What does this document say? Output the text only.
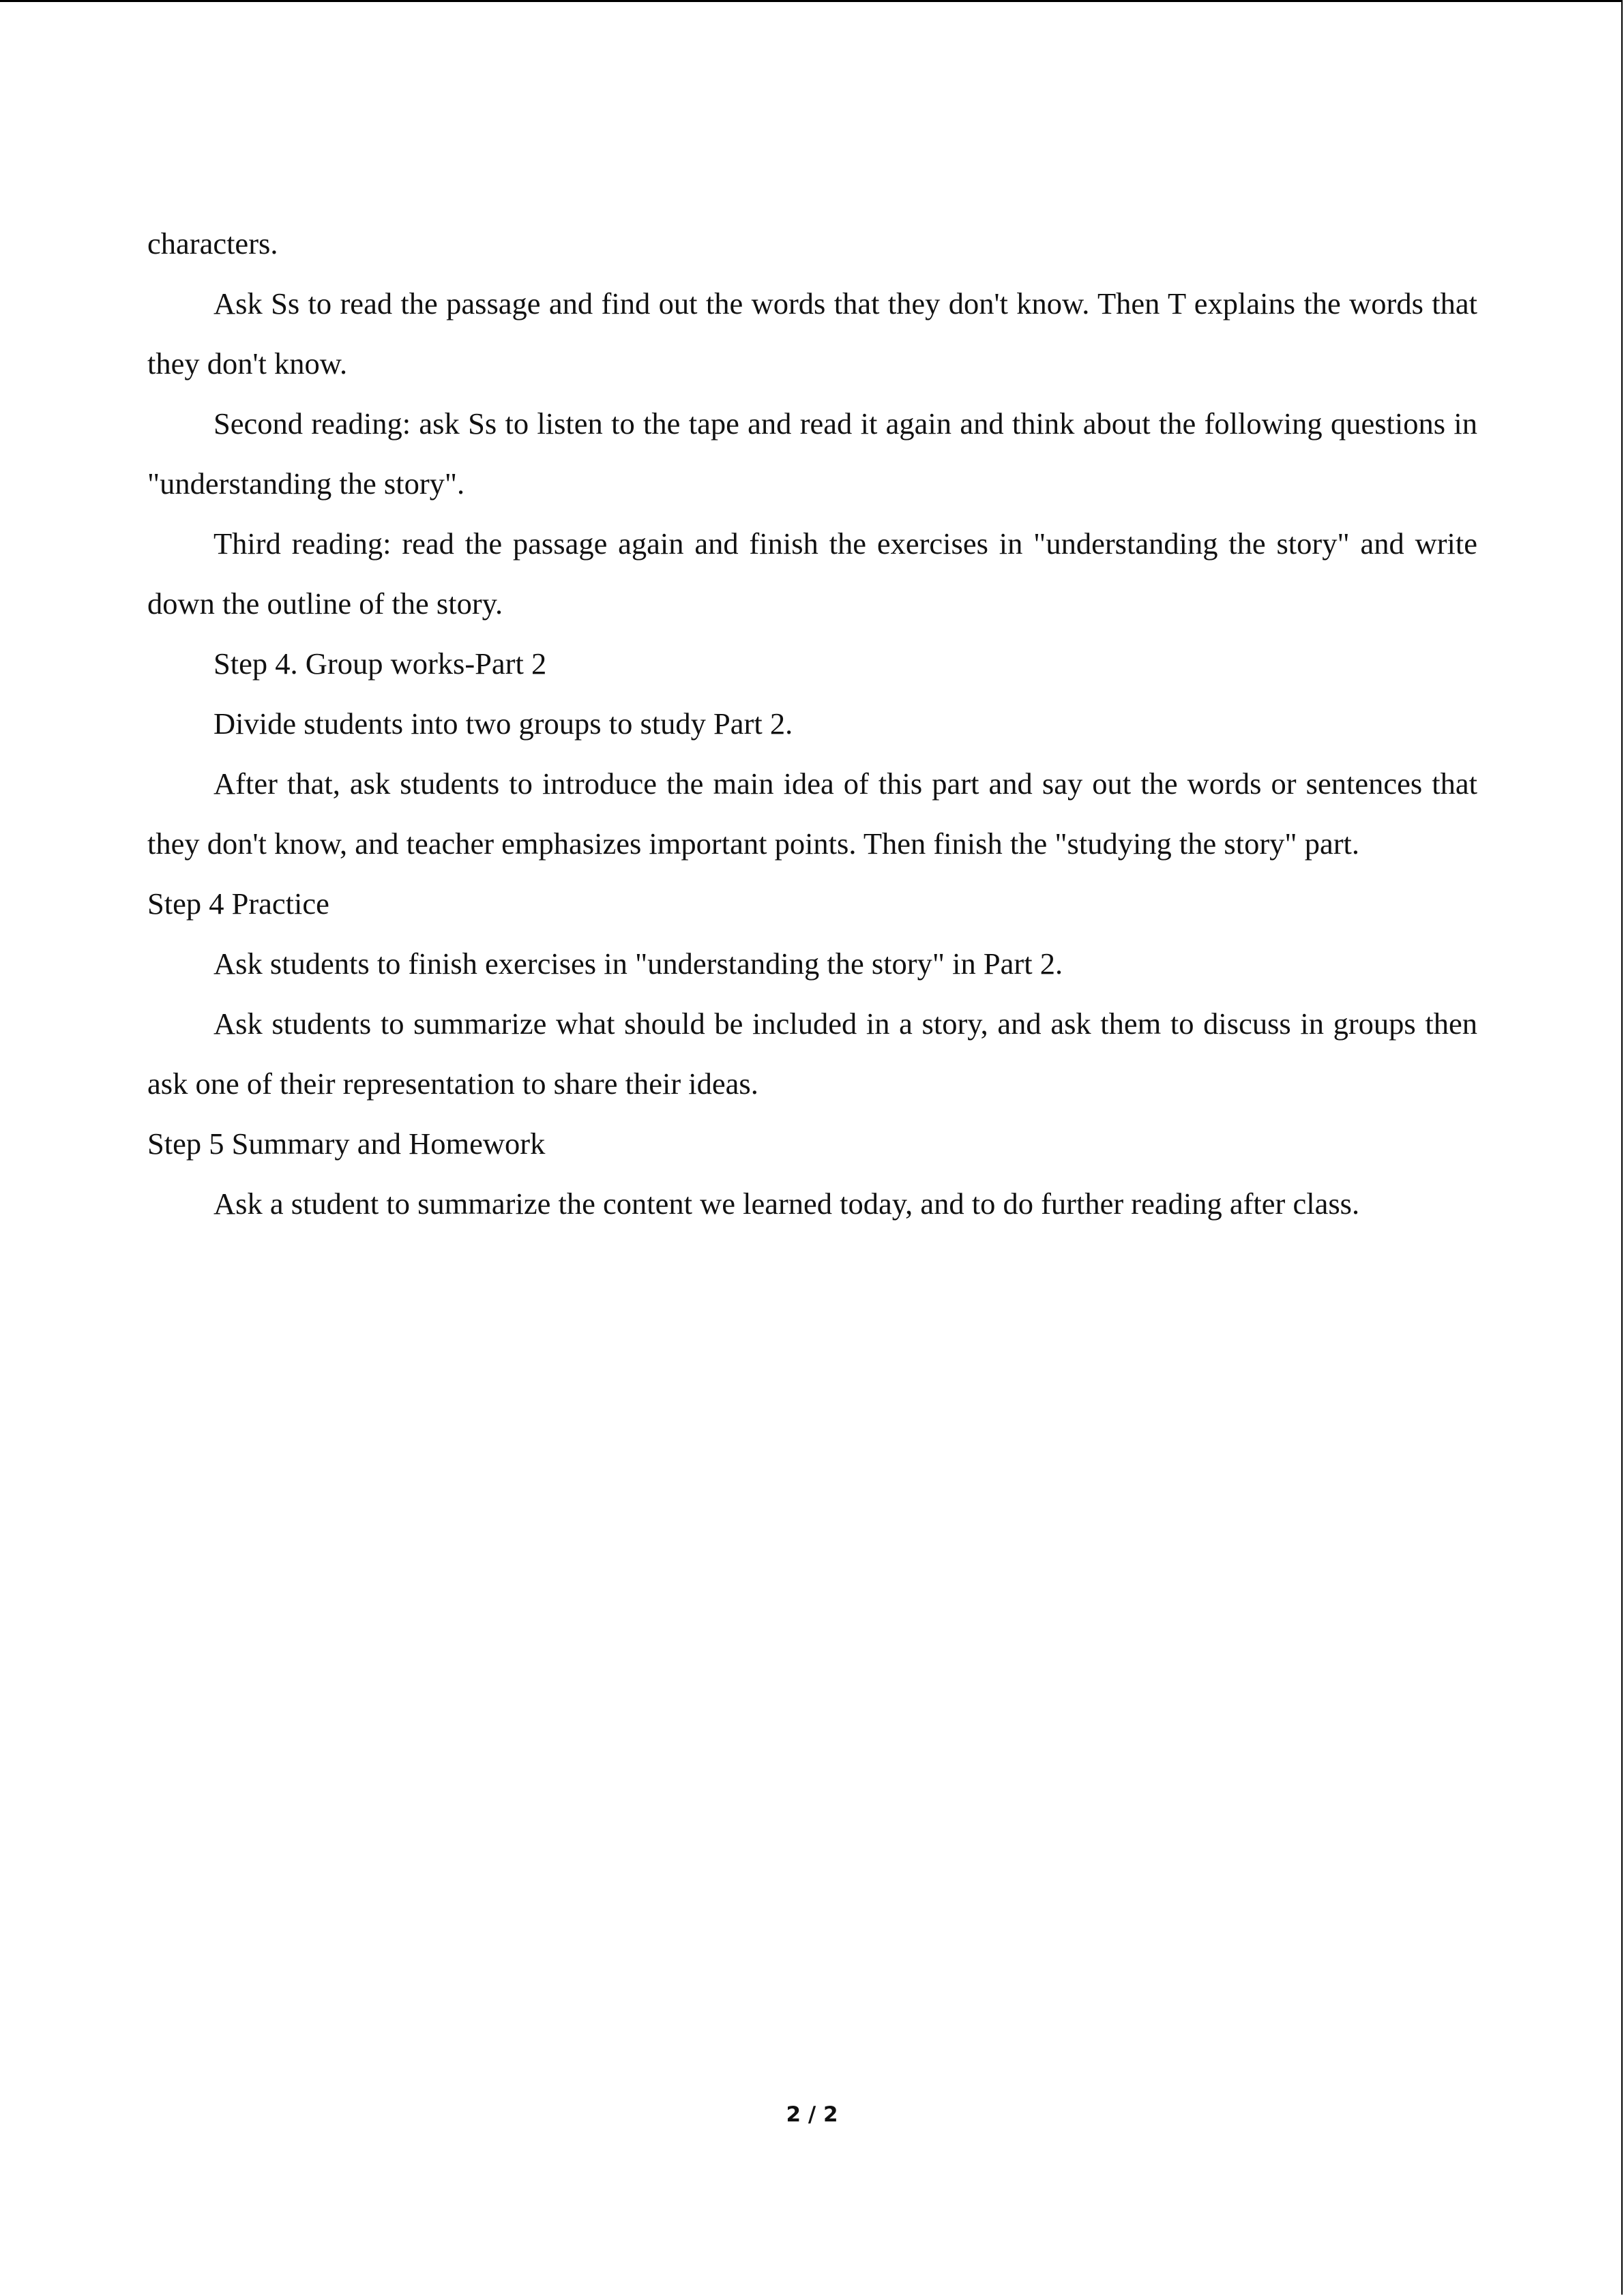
characters.

Ask Ss to read the passage and find out the words that they don't know. Then T explains the words that they don't know.

Second reading: ask Ss to listen to the tape and read it again and think about the following questions in "understanding the story".

Third reading: read the passage again and finish the exercises in "understanding the story" and write down the outline of the story.

Step 4. Group works-Part 2

Divide students into two groups to study Part 2.

After that, ask students to introduce the main idea of this part and say out the words or sentences that they don't know, and teacher emphasizes important points. Then finish the "studying the story" part.

Step 4 Practice

Ask students to finish exercises in "understanding the story" in Part 2.

Ask students to summarize what should be included in a story, and ask them to discuss in groups then ask one of their representation to share their ideas.

Step 5 Summary and Homework

Ask a student to summarize the content we learned today, and to do further reading after class.

2 / 2
